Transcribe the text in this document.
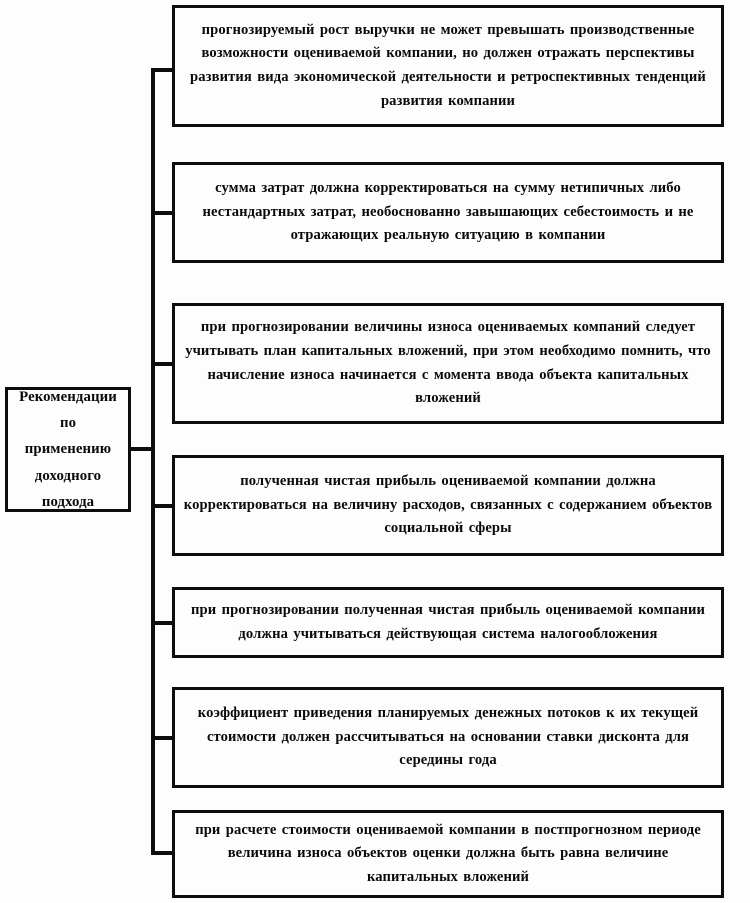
Рекомендации по применению доходного подхода
прогнозируемый рост выручки не может превышать производственные возможности оцениваемой компании, но должен отражать перспективы развития вида экономической деятельности и ретроспективных тенденций развития компании
сумма затрат должна корректироваться на сумму нетипичных либо нестандартных затрат, необоснованно завышающих себестоимость и не отражающих реальную ситуацию в компании
при прогнозировании величины износа оцениваемых компаний следует учитывать план капитальных вложений, при этом необходимо помнить, что начисление износа начинается с момента ввода объекта капитальных вложений
полученная чистая прибыль оцениваемой компании должна корректироваться на величину расходов, связанных с содержанием объектов социальной сферы
при прогнозировании полученная чистая прибыль оцениваемой компании должна учитываться действующая система налогообложения
коэффициент приведения планируемых денежных потоков к их текущей стоимости должен рассчитываться на основании ставки дисконта для середины года
при расчете стоимости оцениваемой компании в постпрогнозном периоде величина износа объектов оценки должна быть равна величине капитальных вложений
